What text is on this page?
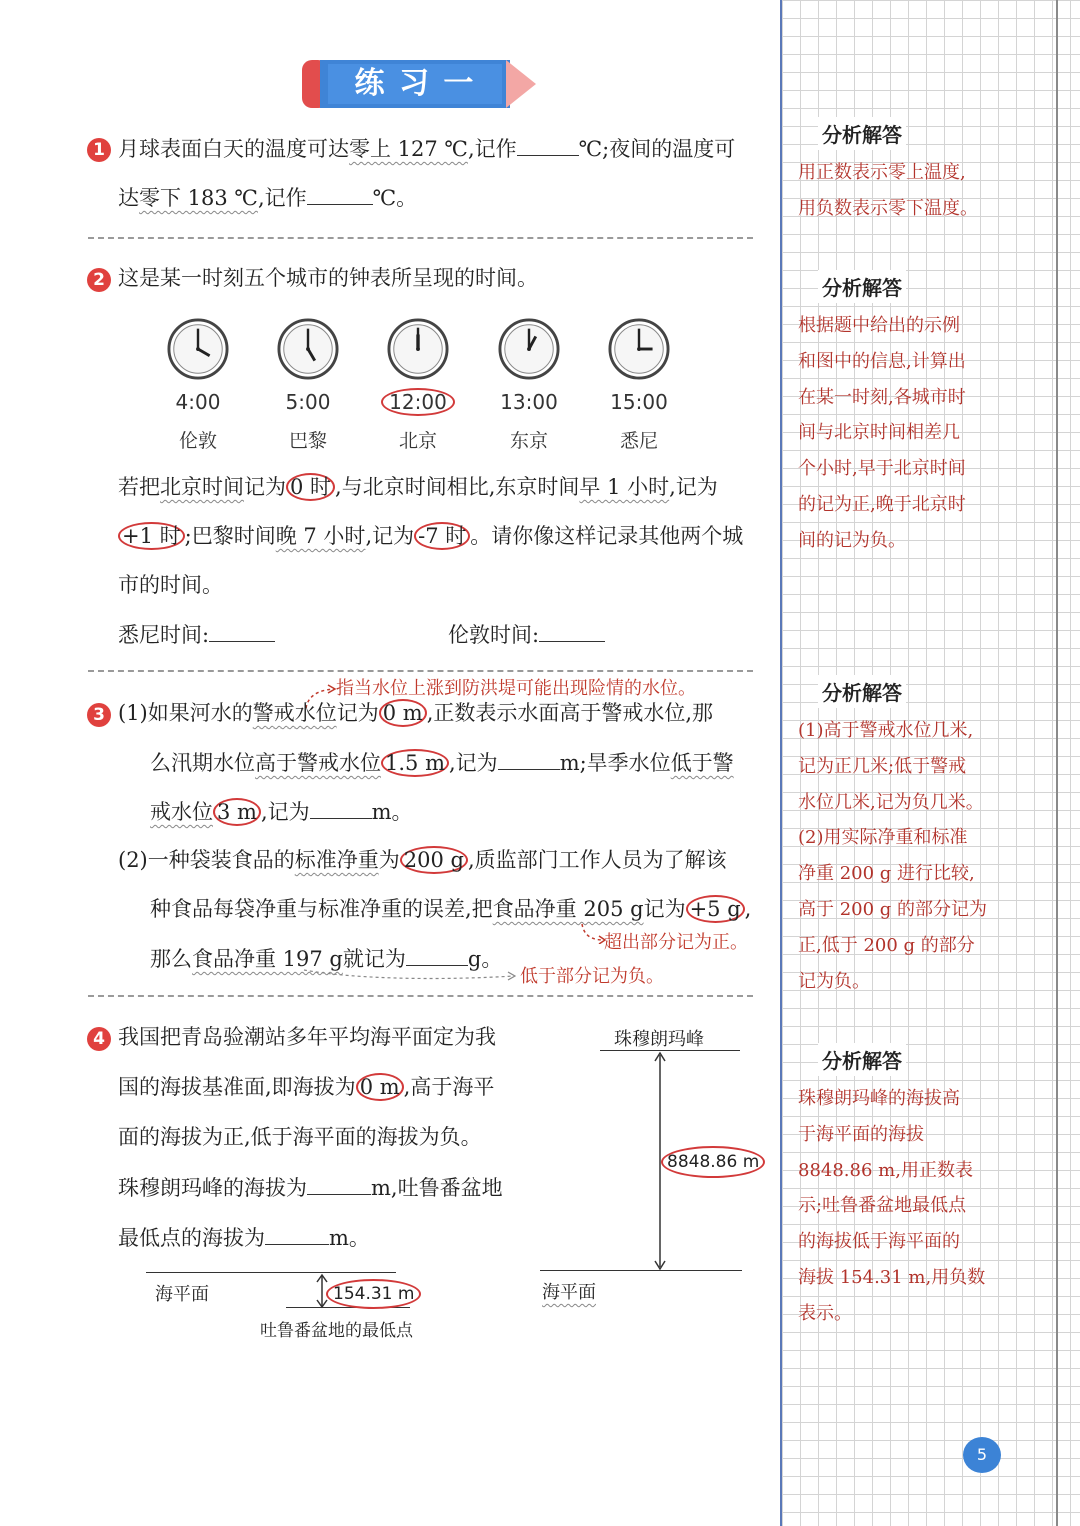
练 习 一
1 月球表面白天的温度可达零上 127 ℃,记作	℃;夜间的温度可
达零下 183 ℃,记作	℃。
2 这是某一时刻五个城市的钟表所呈现的时间。
4:00	5:00	12:00	13:00	15:00
伦敦	巴黎	北京	东京	悉尼
若把北京时间记为 0 时 ,与北京时间相比,东京时间早 1 小时,记为
+1 时 ;巴黎时间晚 7 小时,记为 -7 时 。请你像这样记录其他两个城
市的时间。
悉尼时间:	伦敦时间:
指当水位上涨到防洪堤可能出现险情的水位。
3 (1)如果河水的警戒水位记为 0 m ,正数表示水面高于警戒水位,那
么汛期水位高于警戒水位 1.5 m ,记为	m;旱季水位低于警
戒水位 3 m ,记为	m。
(2)一种袋装食品的标准净重为 200 g ,质监部门工作人员为了解该
种食品每袋净重与标准净重的误差,把食品净重 205 g记为 +5 g ,
超出部分记为正。
那么食品净重 197 g就记为	g。
低于部分记为负。
4 我国把青岛验潮站多年平均海平面定为我
国的海拔基准面,即海拔为 0 m ,高于海平
面的海拔为正,低于海平面的海拔为负。
珠穆朗玛峰的海拔为	m,吐鲁番盆地
最低点的海拔为	m。
珠穆朗玛峰
8848.86 m
海平面
海平面	154.31 m
吐鲁番盆地的最低点
分析解答
用正数表示零上温度,
用负数表示零下温度。
分析解答
根据题中给出的示例
和图中的信息,计算出
在某一时刻,各城市时
间与北京时间相差几
个小时,早于北京时间
的记为正,晚于北京时
间的记为负。
分析解答
(1)高于警戒水位几米,
记为正几米;低于警戒
水位几米,记为负几米。
(2)用实际净重和标准
净重 200 g 进行比较,
高于 200 g 的部分记为
正,低于 200 g 的部分
记为负。
分析解答
珠穆朗玛峰的海拔高
于海平面的海拔
8848.86 m,用正数表
示;吐鲁番盆地最低点
的海拔低于海平面的
海拔 154.31 m,用负数
表示。
5
